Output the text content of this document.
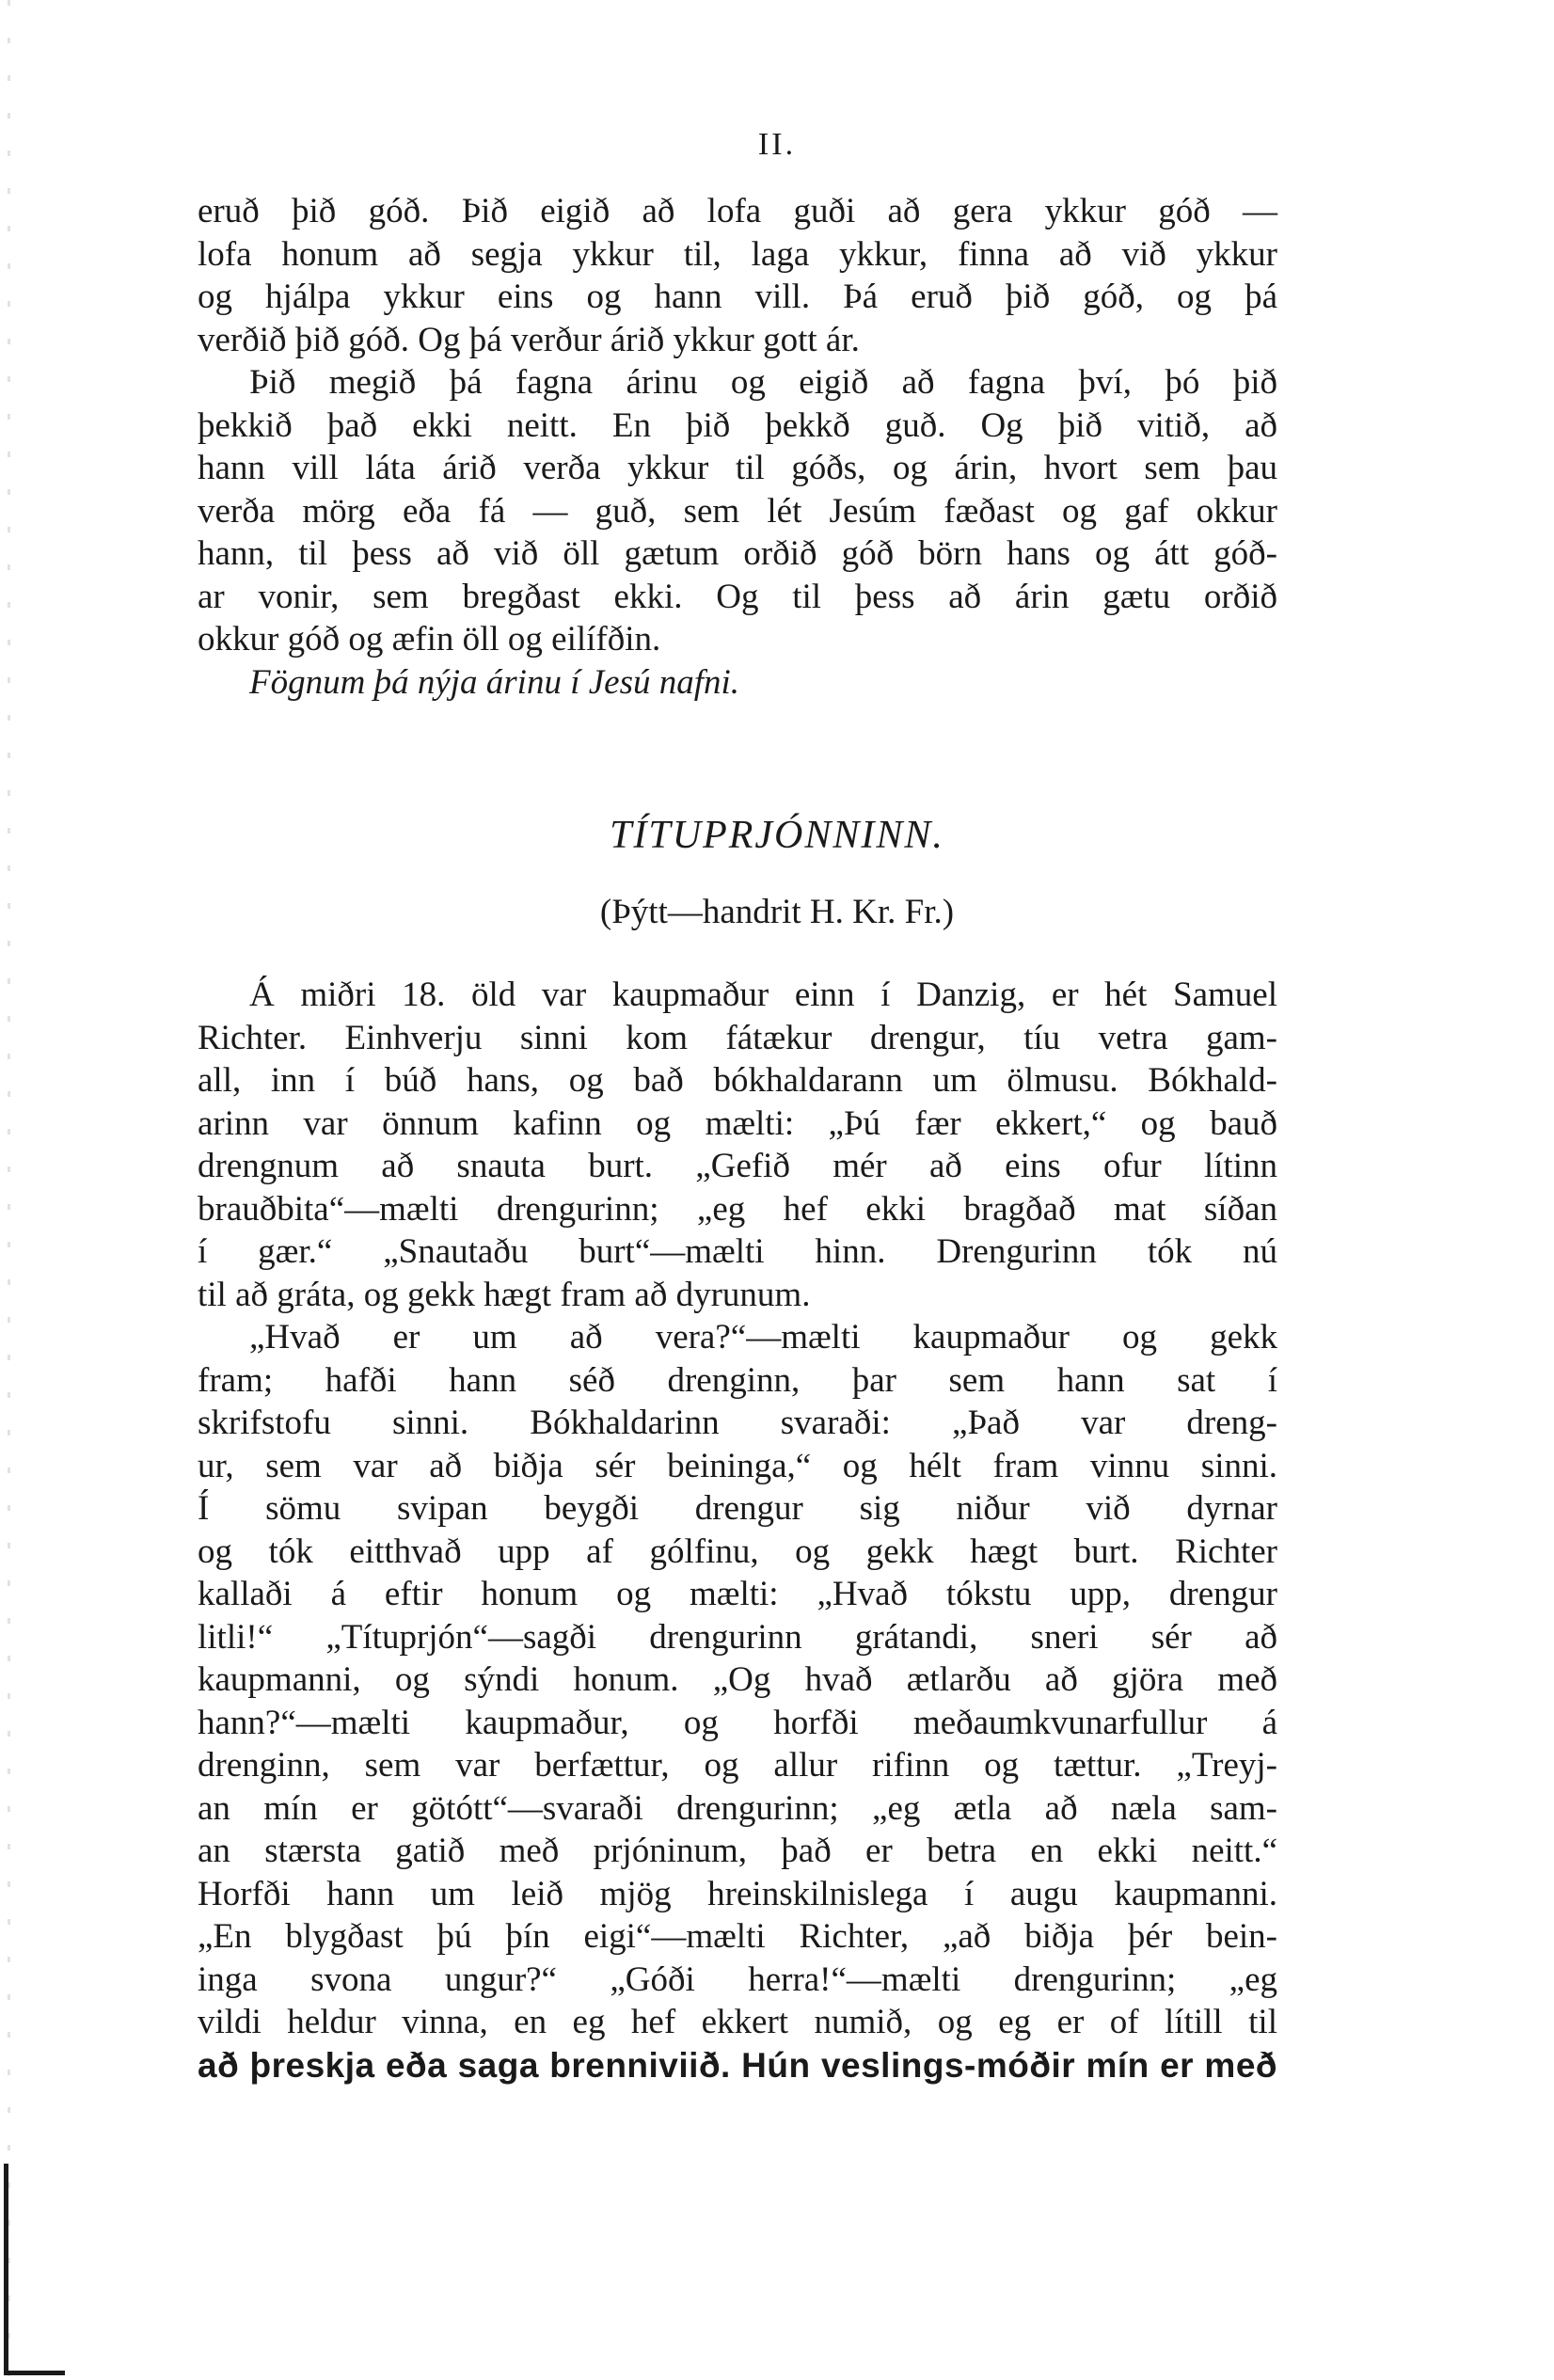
II.
eruð þið góð. Þið eigið að lofa guði að gera ykkur góð —
lofa honum að segja ykkur til, laga ykkur, finna að við ykkur
og hjálpa ykkur eins og hann vill. Þá eruð þið góð, og þá
verðið þið góð. Og þá verður árið ykkur gott ár.
Þið megið þá fagna árinu og eigið að fagna því, þó þið
þekkið það ekki neitt. En þið þekkð guð. Og þið vitið, að
hann vill láta árið verða ykkur til góðs, og árin, hvort sem þau
verða mörg eða fá — guð, sem lét Jesúm fæðast og gaf okkur
hann, til þess að við öll gætum orðið góð börn hans og átt góð-
ar vonir, sem bregðast ekki. Og til þess að árin gætu orðið
okkur góð og æfin öll og eilífðin.
Fögnum þá nýja árinu í Jesú nafni.
TÍTUPRJÓNNINN.
(Þýtt—handrit H. Kr. Fr.)
Á miðri 18. öld var kaupmaður einn í Danzig, er hét Samuel
Richter. Einhverju sinni kom fátækur drengur, tíu vetra gam-
all, inn í búð hans, og bað bókhaldarann um ölmusu. Bókhald-
arinn var önnum kafinn og mælti: „Þú fær ekkert,“ og bauð
drengnum að snauta burt. „Gefið mér að eins ofur lítinn
brauðbita“—mælti drengurinn; „eg hef ekki bragðað mat síðan
í gær.“ „Snautaðu burt“—mælti hinn. Drengurinn tók nú
til að gráta, og gekk hægt fram að dyrunum.
„Hvað er um að vera?“—mælti kaupmaður og gekk
fram; hafði hann séð drenginn, þar sem hann sat í
skrifstofu sinni. Bókhaldarinn svaraði: „Það var dreng-
ur, sem var að biðja sér beininga,“ og hélt fram vinnu sinni.
Í sömu svipan beygði drengur sig niður við dyrnar
og tók eitthvað upp af gólfinu, og gekk hægt burt. Richter
kallaði á eftir honum og mælti: „Hvað tókstu upp, drengur
litli!“ „Títuprjón“—sagði drengurinn grátandi, sneri sér að
kaupmanni, og sýndi honum. „Og hvað ætlarðu að gjöra með
hann?“—mælti kaupmaður, og horfði meðaumkvunarfullur á
drenginn, sem var berfættur, og allur rifinn og tættur. „Treyj-
an mín er götótt“—svaraði drengurinn; „eg ætla að næla sam-
an stærsta gatið með prjóninum, það er betra en ekki neitt.“
Horfði hann um leið mjög hreinskilnislega í augu kaupmanni.
„En blygðast þú þín eigi“—mælti Richter, „að biðja þér bein-
inga svona ungur?“ „Góði herra!“—mælti drengurinn; „eg
vildi heldur vinna, en eg hef ekkert numið, og eg er of lítill til
að þreskja eða saga brenniviið. Hún veslings-móðir mín er með
